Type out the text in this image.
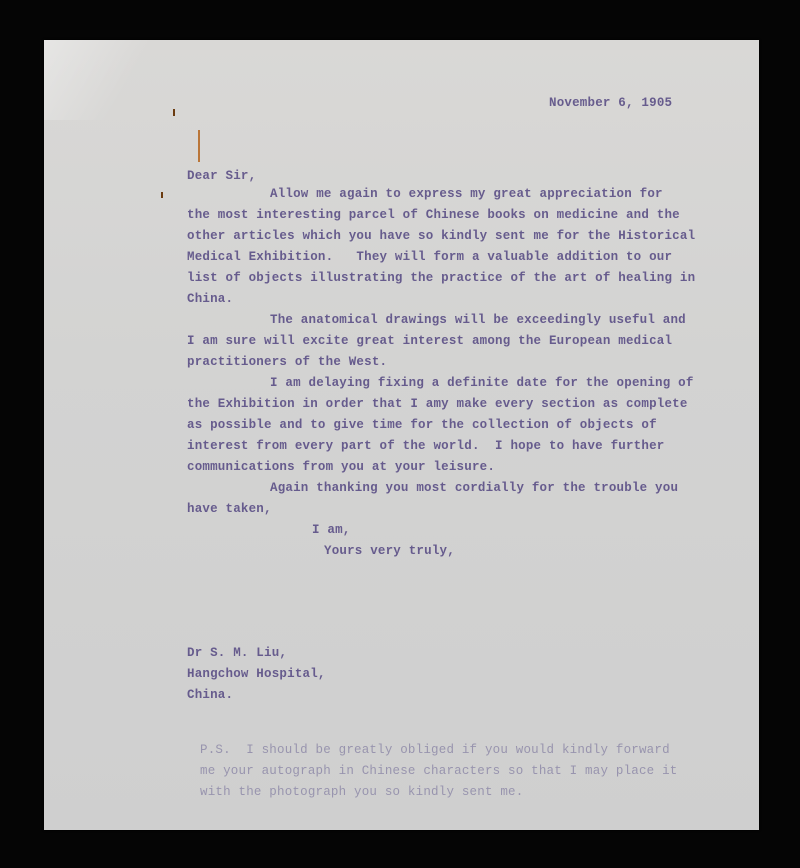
November 6, 1905
Dear Sir,
Allow me again to express my great appreciation for
the most interesting parcel of Chinese books on medicine and the
other articles which you have so kindly sent me for the Historical
Medical Exhibition.   They will form a valuable addition to our
list of objects illustrating the practice of the art of healing in
China.
The anatomical drawings will be exceedingly useful and
I am sure will excite great interest among the European medical
practitioners of the West.
I am delaying fixing a definite date for the opening of
the Exhibition in order that I amy make every section as complete
as possible and to give time for the collection of objects of
interest from every part of the world.  I hope to have further
communications from you at your leisure.
Again thanking you most cordially for the trouble you
have taken,
I am,
Yours very truly,
Dr S. M. Liu,
Hangchow Hospital,
China.
P.S.  I should be greatly obliged if you would kindly forward
me your autograph in Chinese characters so that I may place it
with the photograph you so kindly sent me.
